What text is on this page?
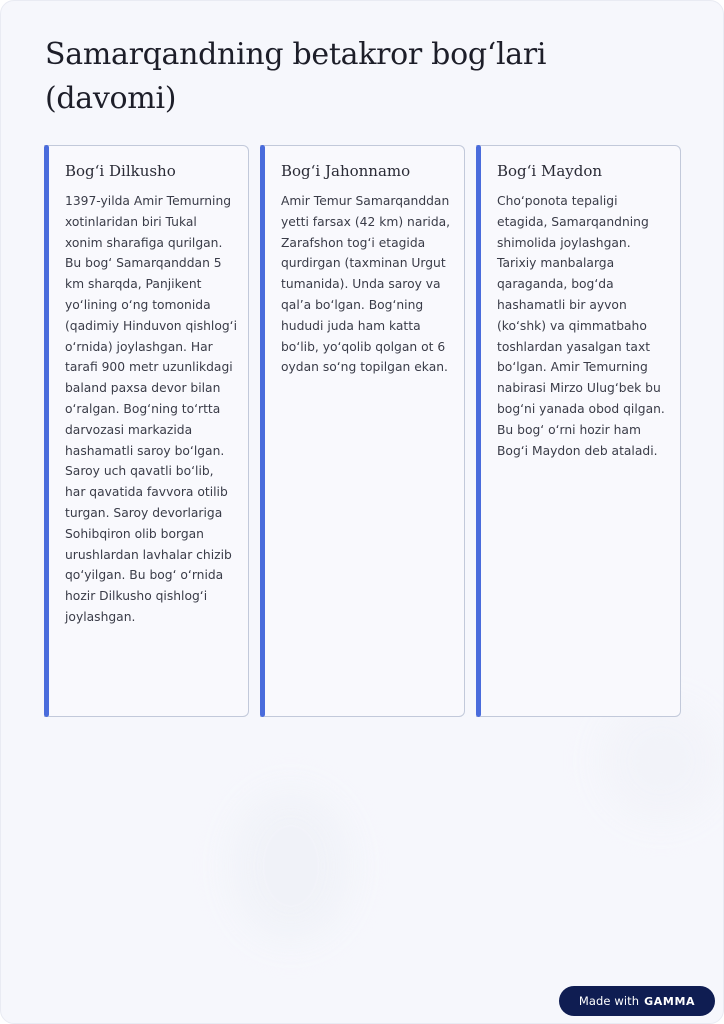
Samarqandning betakror bog‘lari (davomi)
Bog‘i Dilkusho
1397-yilda Amir Temurning xotinlaridan biri Tukal xonim sharafiga qurilgan. Bu bog‘ Samarqanddan 5 km sharqda, Panjikent yo‘lining o‘ng tomonida (qadimiy Hinduvon qishlog‘i o‘rnida) joylashgan. Har tarafi 900 metr uzunlikdagi baland paxsa devor bilan o‘ralgan. Bog‘ning to‘rtta darvozasi markazida hashamatli saroy bo‘lgan. Saroy uch qavatli bo‘lib, har qavatida favvora otilib turgan. Saroy devorlariga Sohibqiron olib borgan urushlardan lavhalar chizib qo‘yilgan. Bu bog‘ o‘rnida hozir Dilkusho qishlog‘i joylashgan.
Bog‘i Jahonnamo
Amir Temur Samarqanddan yetti farsax (42 km) narida, Zarafshon tog‘i etagida qurdirgan (taxminan Urgut tumanida). Unda saroy va qal’a bo‘lgan. Bog‘ning hududi juda ham katta bo‘lib, yo‘qolib qolgan ot 6 oydan so‘ng topilgan ekan.
Bog‘i Maydon
Cho‘ponota tepaligi etagida, Samarqandning shimolida joylashgan. Tarixiy manbalarga qaraganda, bog‘da hashamatli bir ayvon (ko‘shk) va qimmatbaho toshlardan yasalgan taxt bo‘lgan. Amir Temurning nabirasi Mirzo Ulug‘bek bu bog‘ni yanada obod qilgan. Bu bog‘ o‘rni hozir ham Bog‘i Maydon deb ataladi.
Made with GAMMA
